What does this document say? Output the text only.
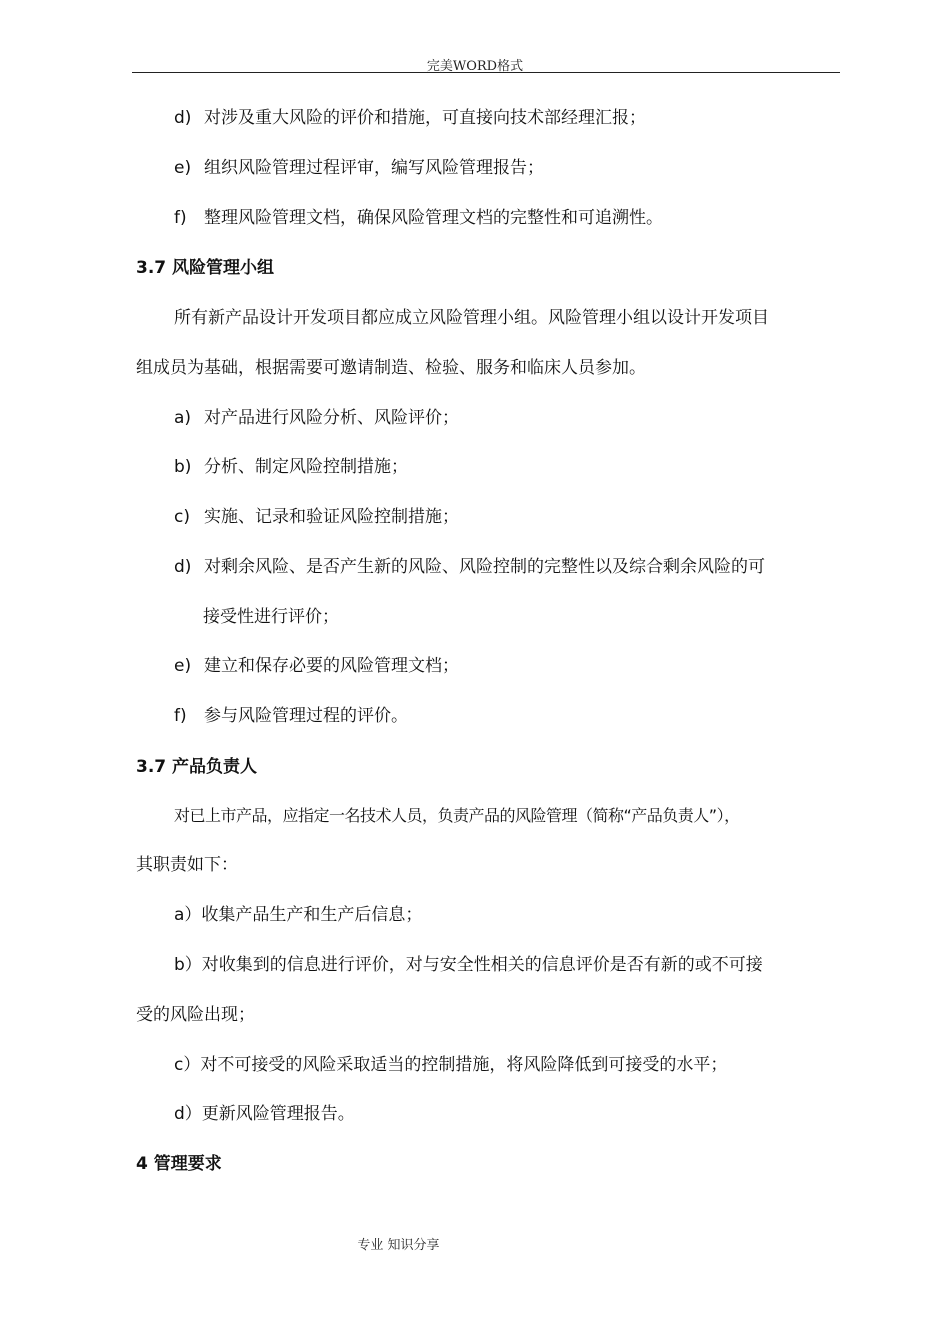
完美WORD格式
d) 对涉及重大风险的评价和措施，可直接向技术部经理汇报；
e) 组织风险管理过程评审，编写风险管理报告；
f) 整理风险管理文档，确保风险管理文档的完整性和可追溯性。
3.7 风险管理小组
所有新产品设计开发项目都应成立风险管理小组。风险管理小组以设计开发项目
组成员为基础，根据需要可邀请制造、检验、服务和临床人员参加。
a) 对产品进行风险分析、风险评价；
b) 分析、制定风险控制措施；
c) 实施、记录和验证风险控制措施；
d) 对剩余风险、是否产生新的风险、风险控制的完整性以及综合剩余风险的可
接受性进行评价；
e) 建立和保存必要的风险管理文档；
f) 参与风险管理过程的评价。
3.7 产品负责人
对已上市产品，应指定一名技术人员，负责产品的风险管理（简称“产品负责人”），
其职责如下：
a）收集产品生产和生产后信息；
b）对收集到的信息进行评价，对与安全性相关的信息评价是否有新的或不可接
受的风险出现；
c）对不可接受的风险采取适当的控制措施，将风险降低到可接受的水平；
d）更新风险管理报告。
4 管理要求
专业 知识分享
